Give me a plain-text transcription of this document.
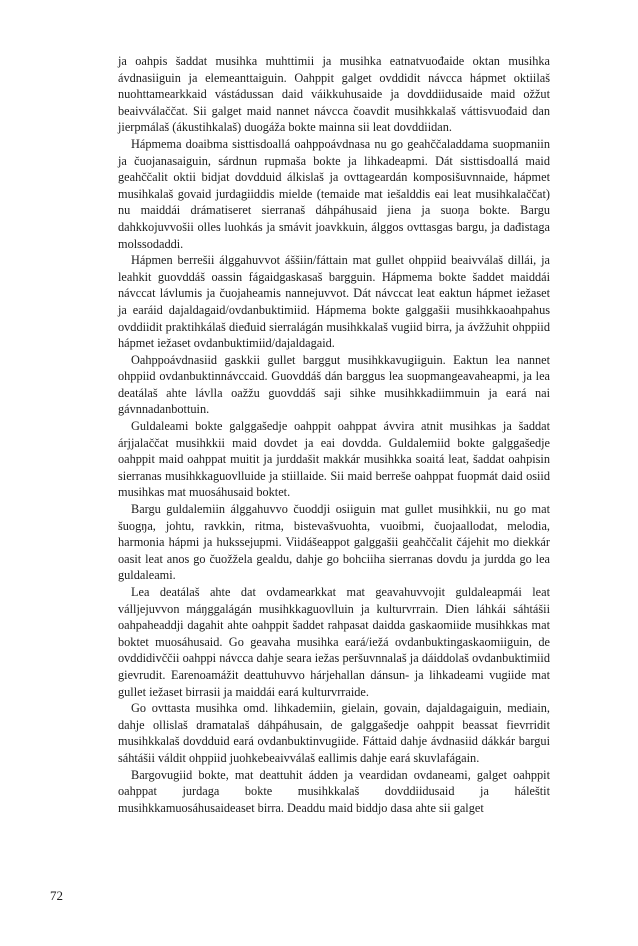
ja oahpis šaddat musihka muhttimii ja musihka eatnatvuođaide oktan musihka ávdnasiiguin ja elemeanttaiguin. Oahppit galget ovddidit návcca hápmet oktiilaš nuohttamearkkaid vástádussan daid váikkuhusaide ja dovddiidusaide maid ožžut beaivválaččat. Sii galget maid nannet návcca čoavdit musihkkalaš váttisvuođaid dan jierpmálaš (ákustihkalaš) duogáža bokte mainna sii leat dovddiidan.

Hápmema doaibma sisttisdoallá oahppoávdnasa nu go geahččaladdama suopmaniin ja čuojanasaiguin, sárdnun rupmaša bokte ja lihkadeapmi. Dát sisttisdoallá maid geahččalit oktii bidjat dovdduid álkislaš ja ovttageardán komposišuvnnaide, hápmet musihkalaš govaid jurdagiiddis mielde (temaide mat iešalddis eai leat musihkalaččat) nu maiddái drámatiseret sierranaš dáhpáhusaid jiena ja suoŋa bokte. Bargu dahkkojuvvošii olles luohkás ja smávit joavkkuin, álggos ovttasgas bargu, ja dađistaga molssodaddi.

Hápmen berrešii álggahuvvot áššiin/fáttain mat gullet ohppiid beaivválaš dillái, ja leahkit guovddáš oassin fágaidgaskasaš bargguin. Hápmema bokte šaddet maiddái návccat lávlumis ja čuojaheamis nannejuvvot. Dát návccat leat eaktun hápmet iežaset ja earáid dajaldagaid/ovdanbuktimiid. Hápmema bokte galggašii musihkkaoahpahus ovddiidit praktihkálaš dieđuid sierralágán musihkkalaš vugiid birra, ja ávžžuhit ohppiid hápmet iežaset ovdanbuktimiid/dajaldagaid.

Oahppoávdnasiid gaskkii gullet barggut musihkkavugiiguin. Eaktun lea nannet ohppiid ovdanbuktinnávccaid. Guovddáš dán barggus lea suopmangeavaheapmi, ja lea deatálaš ahte lávlla oažžu guovddáš saji sihke musihkkadiimmuin ja eará nai gávnnadanbottuin.

Guldaleami bokte galggašedje oahppit oahppat ávvira atnit musihkas ja šaddat árjjalaččat musihkkii maid dovdet ja eai dovdda. Guldalemiid bokte galggašedje oahppit maid oahppat muitit ja jurddašit makkár musihkka soaitá leat, šaddat oahpisin sierranas musihkkaguovlluide ja stiillaide. Sii maid berreše oahppat fuopmát daid osiid musihkas mat muosáhusaid boktet.

Bargu guldalemiin álggahuvvo čuoddji osiiguin mat gullet musihkkii, nu go mat šuogŋa, johtu, ravkkin, ritma, bistevašvuohta, vuoibmi, čuojaallodat, melodia, harmonia hápmi ja hukssejupmi. Viidášeappot galggašii geahččalit čájehit mo diekkár oasit leat anos go čuožžela gealdu, dahje go bohciiha sierranas dovdu ja jurdda go lea guldaleami.

Lea deatálaš ahte dat ovdamearkkat mat geavahuvvojit guldaleapmái leat válljejuvvon máŋggalágán musihkkaguovlluin ja kulturvrrain. Dien láhkái sáhtášii oahpaheaddji dagahit ahte oahppit šaddet rahpasat daidda gaskaomiide musihkkas mat boktet muosáhusaid. Go geavaha musihka eará/iežá ovdanbuktingaskaomiiguin, de ovddidivččii oahppi návcca dahje seara iežas peršuvnnalaš ja dáiddolaš ovdanbuktimiid gievrudit. Earenoamážit deattuhuvvo hárjehallan dánsun- ja lihkadeami vugiide mat gullet iežaset birrasii ja maiddái eará kulturvrraide.

Go ovttasta musihka omd. lihkademiin, gielain, govain, dajaldagaiguin, mediain, dahje ollislaš dramatalaš dáhpáhusain, de galggašedje oahppit beassat fievrridit musihkkalaš dovdduid eará ovdanbuktinvugiide. Fáttaid dahje ávdnasiid dákkár bargui sáhtášii váldit ohppiid juohkebeaivválaš eallimis dahje eará skuvlafágain.

Bargovugiid bokte, mat deattuhit ádden ja veardidan ovdaneami, galget oahppit oahppat jurdaga bokte musihkkalaš dovddiidusaid ja háleštit musihkkamuosáhusaideaset birra. Deaddu maid biddjo dasa ahte sii galget

72
